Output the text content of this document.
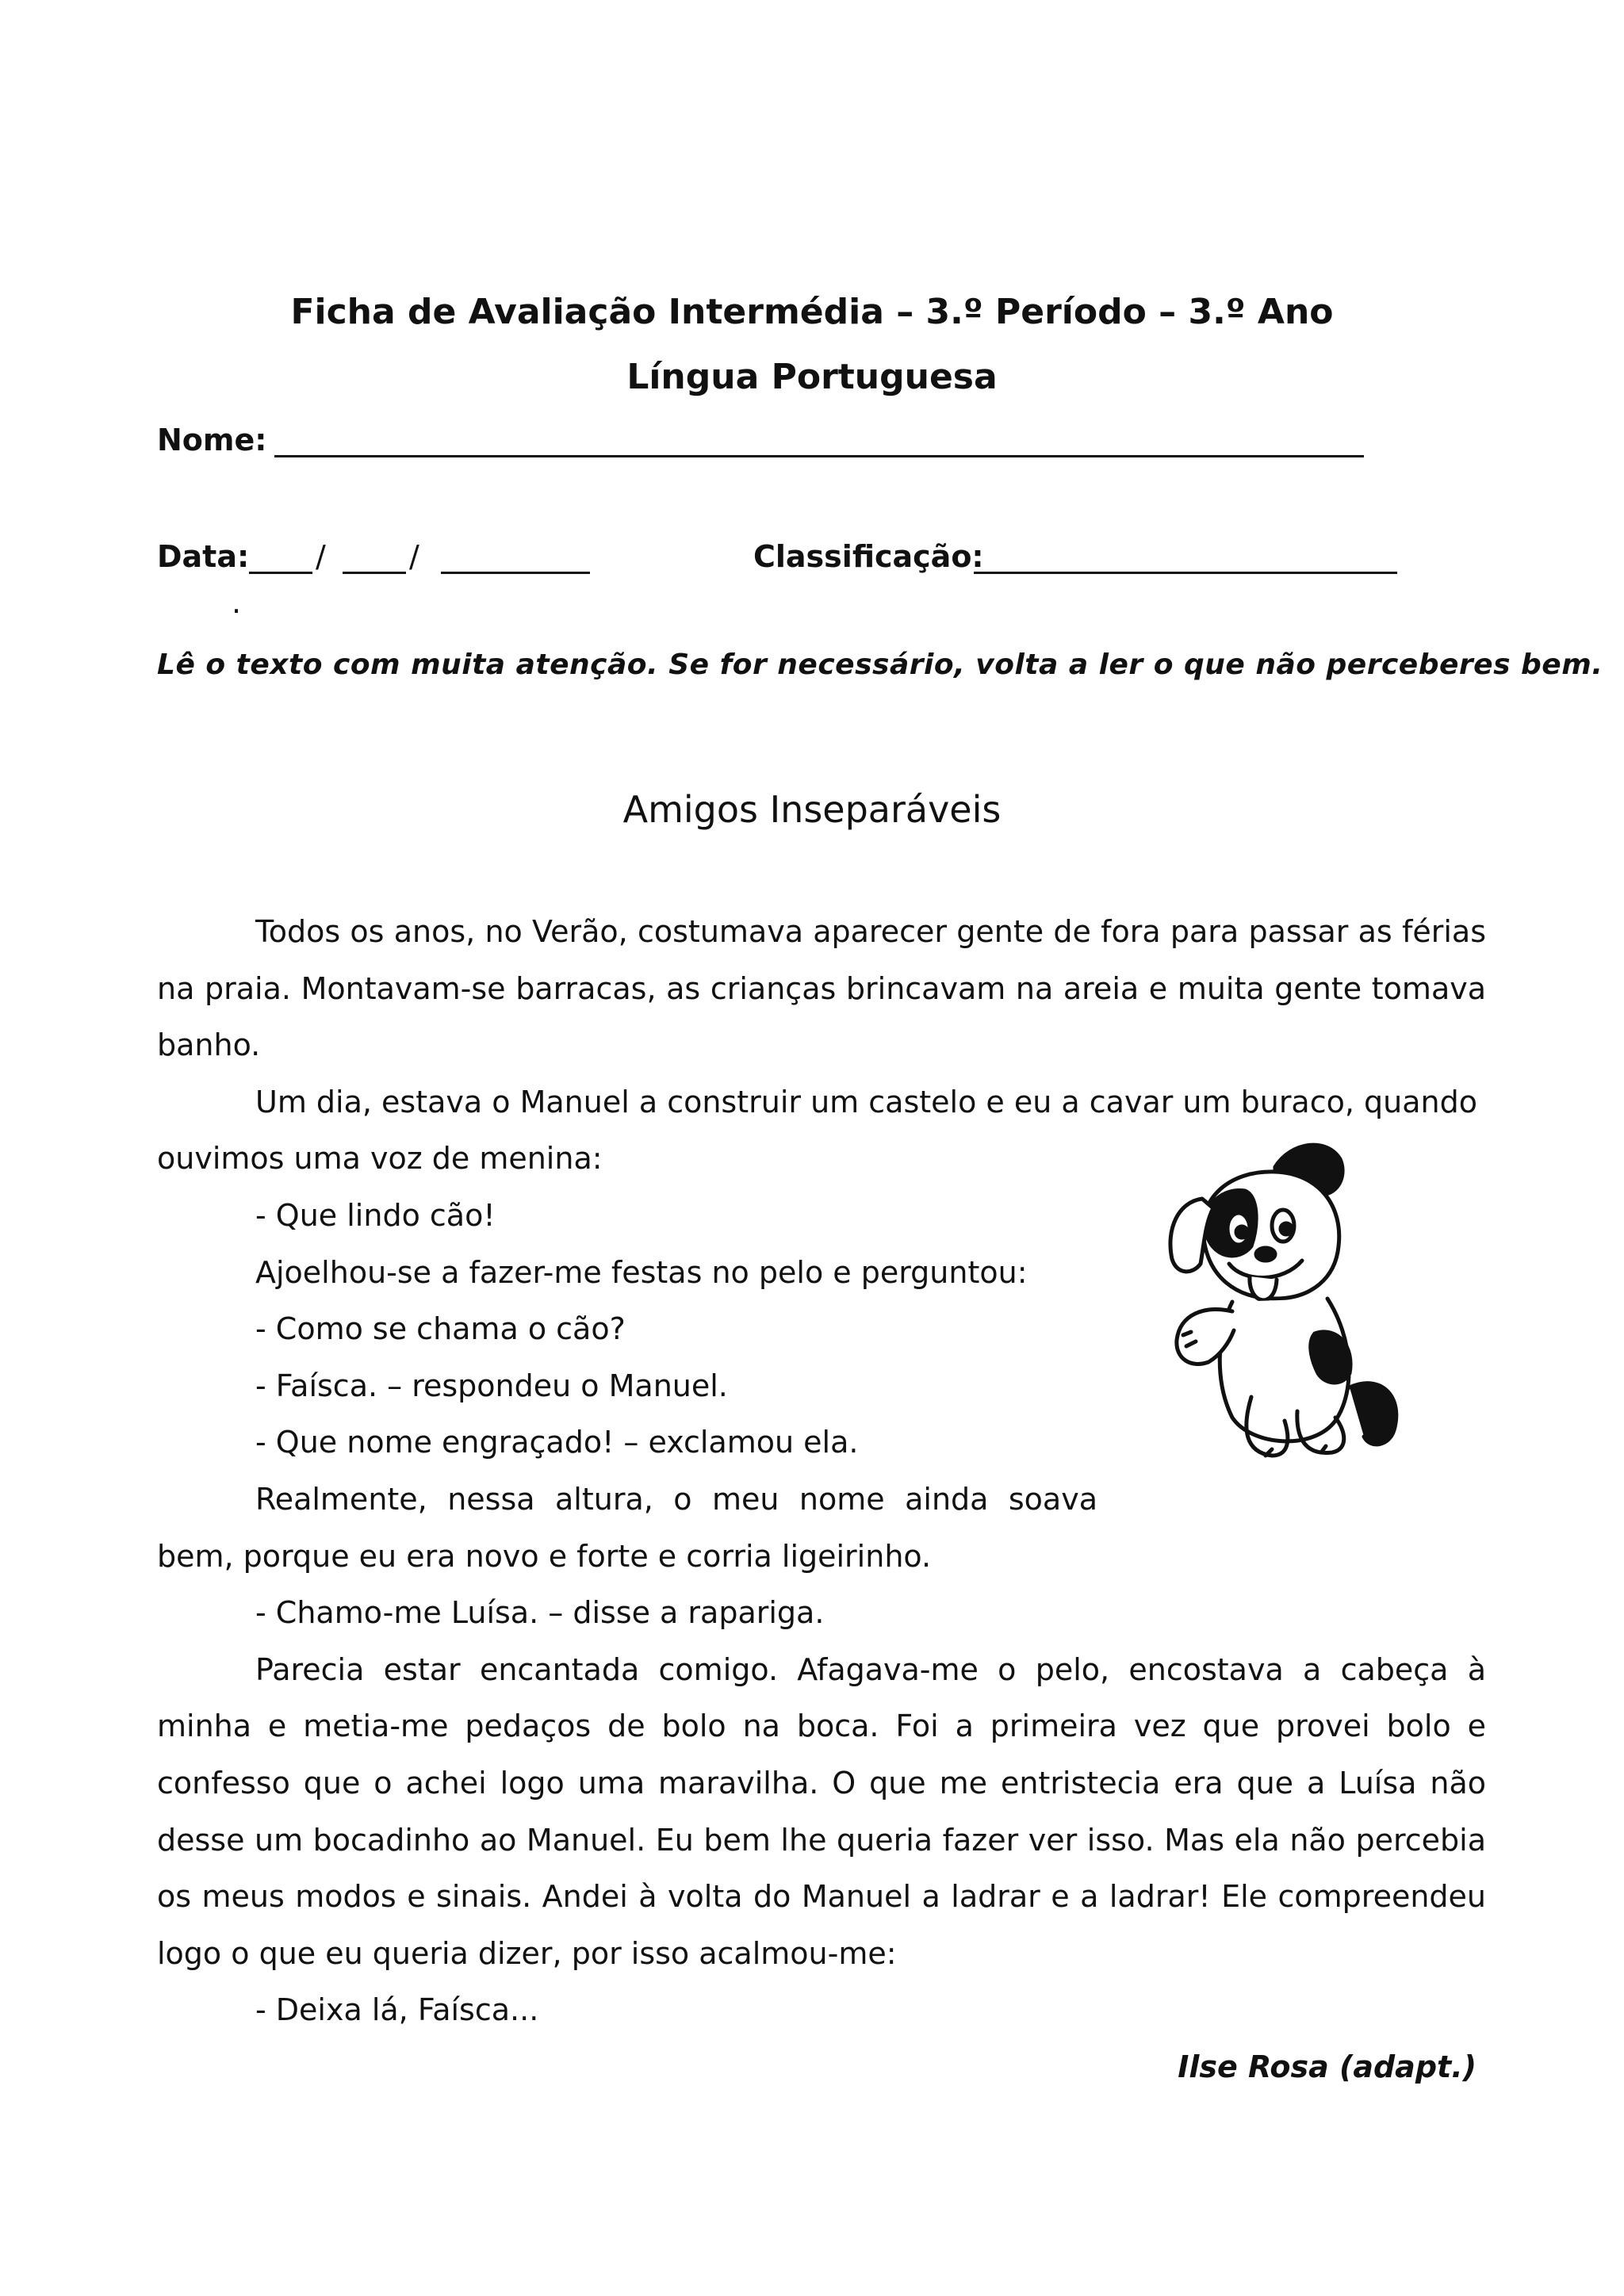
Ficha de Avaliação Intermédia – 3.º Período – 3.º Ano
Língua Portuguesa
Nome:
Data: /	/	Classificação:
.
Lê o texto com muita atenção. Se for necessário, volta a ler o que não perceberes bem.
Amigos Inseparáveis

Todos os anos, no Verão, costumava aparecer gente de fora para passar as férias na praia. Montavam-se barracas, as crianças brincavam na areia e muita gente tomava banho.

Um dia, estava o Manuel a construir um castelo e eu a cavar um buraco, quando ouvimos uma voz de menina:

- Que lindo cão!

Ajoelhou-se a fazer-me festas no pelo e perguntou:

- Como se chama o cão?

- Faísca. – respondeu o Manuel.

- Que nome engraçado! – exclamou ela.

Realmente, nessa altura, o meu nome ainda soava bem, porque eu era novo e forte e corria ligeirinho.

- Chamo-me Luísa. – disse a rapariga.

Parecia estar encantada comigo. Afagava-me o pelo, encostava a cabeça à minha e metia-me pedaços de bolo na boca. Foi a primeira vez que provei bolo e confesso que o achei logo uma maravilha. O que me entristecia era que a Luísa não desse um bocadinho ao Manuel. Eu bem lhe queria fazer ver isso. Mas ela não percebia os meus modos e sinais. Andei à volta do Manuel a ladrar e a ladrar! Ele compreendeu logo o que eu queria dizer, por isso acalmou-me:

- Deixa lá, Faísca...

Ilse Rosa (adapt.)
